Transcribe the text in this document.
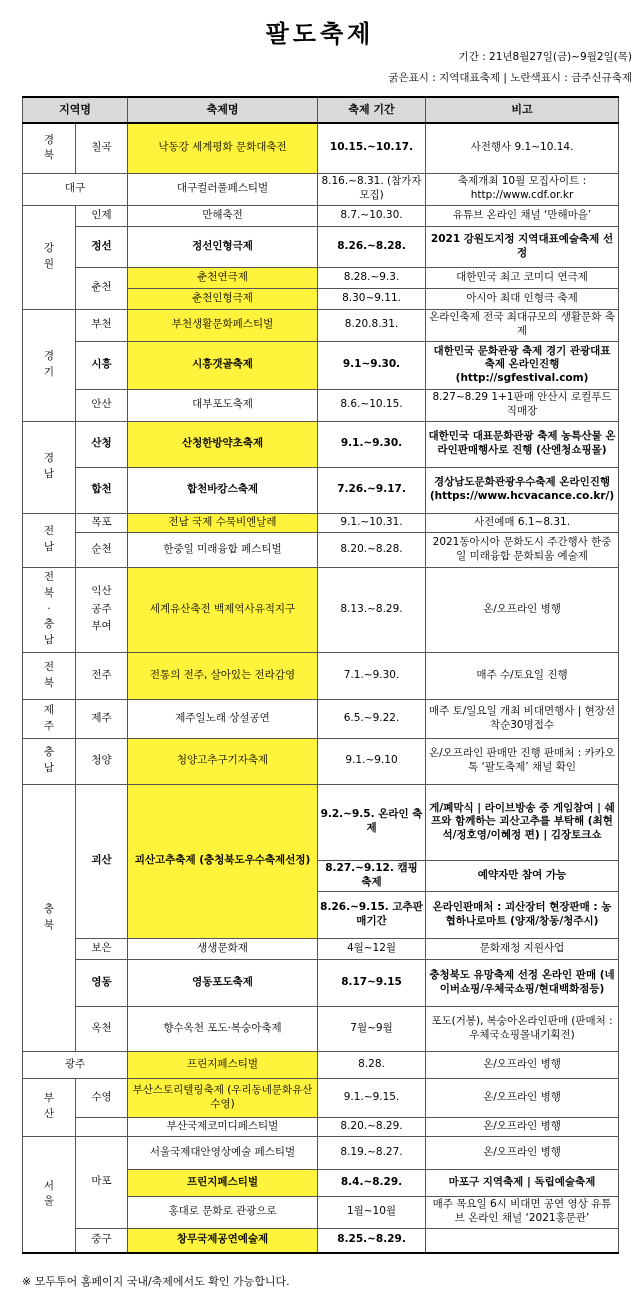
팔도축제
기간 : 21년8월27일(금)~9월2일(목)
굵은표시 : 지역대표축제 | 노란색표시 : 금주신규축제
지역명		축제명	축제 기간	비고

경
북	칠곡	낙동강 세계평화 문화대축전	10.15.~10.17.	사전행사 9.1~10.14.
대구		대구컬러풀페스티벌	8.16.~8.31. (참가자모집)	축제개최 10월 모집사이트 : http://www.cdf.or.kr

강
원	인제	만해축전	8.7.~10.30.	유튜브 온라인 채널 ‘만해마을’
	정선	정선인형극제	8.26.~8.28.	2021 강원도지정 지역대표예술축제 선정
	춘천	춘천연극제	8.28.~9.3.	대한민국 최고 코미디 연극제
		춘천인형극제	8.30~9.11.	아시아 최대 인형극 축제

경
기	부천	부천생활문화페스티벌	8.20.8.31.	온라인축제 전국 최대규모의 생활문화 축제
	시흥	시흥갯골축제	9.1~9.30.	대한민국 문화관광 축제 경기 관광대표 축제 온라인진행(http://sgfestival.com)
	안산	대부포도축제	8.6.~10.15.	8.27~8.29 1+1판매 안산시 로컬푸드 직매장

경
남	산청	산청한방약초축제	9.1.~9.30.	대한민국 대표문화관광 축제 농특산물 온라인판매행사로 진행 (산엔청쇼핑몰)
	합천	합천바캉스축제	7.26.~9.17.	경상남도문화관광우수축제 온라인진행 (https://www.hcvacance.co.kr/)

전
남	목포	전남 국제 수묵비엔날레	9.1.~10.31.	사전예매 6.1~8.31.
	순천	한중일 미래융합 페스티벌	8.20.~8.28.	2021동아시아 문화도시 주간행사 한중일 미래융합 문화퇴움 예술제

전
북
·
충
남	익산
공주
부여	세계유산축전 백제역사유적지구	8.13.~8.29.	온/오프라인 병행

전
북	전주	전통의 전주, 살아있는 전라감영	7.1.~9.30.	매주 수/토요일 진행

제
주	제주	제주일노래 상설공연	6.5.~9.22.	매주 토/일요일 개최 비대면행사 | 현장선착순30명접수

충
남	청양	청양고추구기자축제	9.1.~9.10	온/오프라인 판매만 진행 판매처 : 카카오톡 ‘팔도축제’ 채널 확인

충
북	괴산	괴산고추축제 (충청북도우수축제선정)	9.2.~9.5. 온라인 축제	게/폐막식 | 라이브방송 중 게임참여 | 쉐프와 함께하는 괴산고추를 부탁해 (최현석/정호영/이혜정 편) | 김장토크쇼
			8.27.~9.12. 캠핑 축제	예약자만 참여 가능
			8.26.~9.15. 고추판매기간	온라인판매처 : 괴산장터 현장판매 : 농협하나로마트 (양재/창동/청주시)
	보은	생생문화재	4월~12월	문화재청 지원사업
	영동	영동포도축제	8.17~9.15	충청북도 유망축제 선정 온라인 판매 (네이버쇼핑/우체국쇼핑/현대백화점등)
	옥천	향수옥천 포도·복숭아축제	7월~9월	포도(거봉), 복숭아온라인판매 (판매처 : 우체국쇼핑몰내기획전)
광주		프린지페스티벌	8.28.	온/오프라인 병행

부
산	수영	부산스토리텔링축제 (우리동네문화유산수영)	9.1.~9.15.	온/오프라인 병행
		부산국제코미디페스티벌	8.20.~8.29.	온/오프라인 병행

서
울	마포	서울국제대안영상예술 페스티벌	8.19.~8.27.	온/오프라인 병행
		프린지페스티벌	8.4.~8.29.	마포구 지역축제 | 독립예술축제
		홍대로 문화로 관광으로	1월~10월	매주 목요일 6시 비대면 공연 영상 유튜브 온라인 채널 ‘2021홍문관’
	중구	창무국제공연예술제	8.25.~8.29.	
※ 모두투어 홈페이지 국내/축제에서도 확인 가능합니다.
